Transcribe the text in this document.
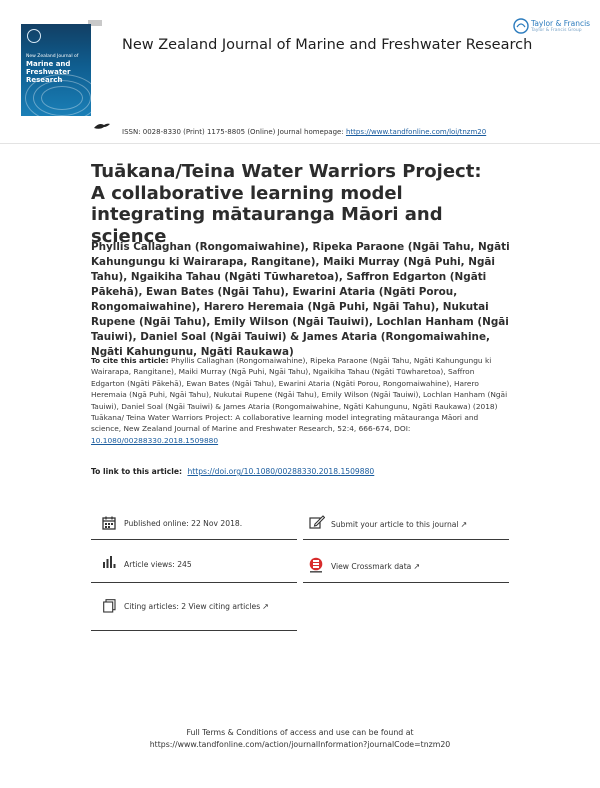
New Zealand Journal of
Marine and
Freshwater
Research
New Zealand Journal of Marine and Freshwater Research
Taylor & Francis
Taylor & Francis Group
ISSN: 0028-8330 (Print) 1175-8805 (Online) Journal homepage: https://www.tandfonline.com/loi/tnzm20
Tuākana/Teina Water Warriors Project: A collaborative learning model integrating mātauranga Māori and science
Phyllis Callaghan (Rongomaiwahine), Ripeka Paraone (Ngāi Tahu, Ngāti Kahungungu ki Wairarapa, Rangitane), Maiki Murray (Ngā Puhi, Ngāi Tahu), Ngaikiha Tahau (Ngāti Tūwharetoa), Saffron Edgarton (Ngāti Pākehā), Ewan Bates (Ngāi Tahu), Ewarini Ataria (Ngāti Porou, Rongomaiwahine), Harero Heremaia (Ngā Puhi, Ngāi Tahu), Nukutai Rupene (Ngāi Tahu), Emily Wilson (Ngāi Tauiwi), Lochlan Hanham (Ngāi Tauiwi), Daniel Soal (Ngāi Tauiwi) & James Ataria (Rongomaiwahine, Ngāti Kahungunu, Ngāti Raukawa)
To cite this article: Phyllis Callaghan (Rongomaiwahine), Ripeka Paraone (Ngāi Tahu, Ngāti Kahungungu ki Wairarapa, Rangitane), Maiki Murray (Ngā Puhi, Ngāi Tahu), Ngaikiha Tahau (Ngāti Tūwharetoa), Saffron Edgarton (Ngāti Pākehā), Ewan Bates (Ngāi Tahu), Ewarini Ataria (Ngāti Porou, Rongomaiwahine), Harero Heremaia (Ngā Puhi, Ngāi Tahu), Nukutai Rupene (Ngāi Tahu), Emily Wilson (Ngāi Tauiwi), Lochlan Hanham (Ngāi Tauiwi), Daniel Soal (Ngāi Tauiwi) & James Ataria (Rongomaiwahine, Ngāti Kahungunu, Ngāti Raukawa) (2018) Tuākana/ Teina Water Warriors Project: A collaborative learning model integrating mātauranga Māori and science, New Zealand Journal of Marine and Freshwater Research, 52:4, 666-674, DOI: 10.1080/00288330.2018.1509880
To link to this article: https://doi.org/10.1080/00288330.2018.1509880
Published online: 22 Nov 2018.
Article views: 245
Citing articles: 2 View citing articles ↗
Submit your article to this journal ↗
View Crossmark data ↗
Full Terms & Conditions of access and use can be found at
https://www.tandfonline.com/action/journalInformation?journalCode=tnzm20
